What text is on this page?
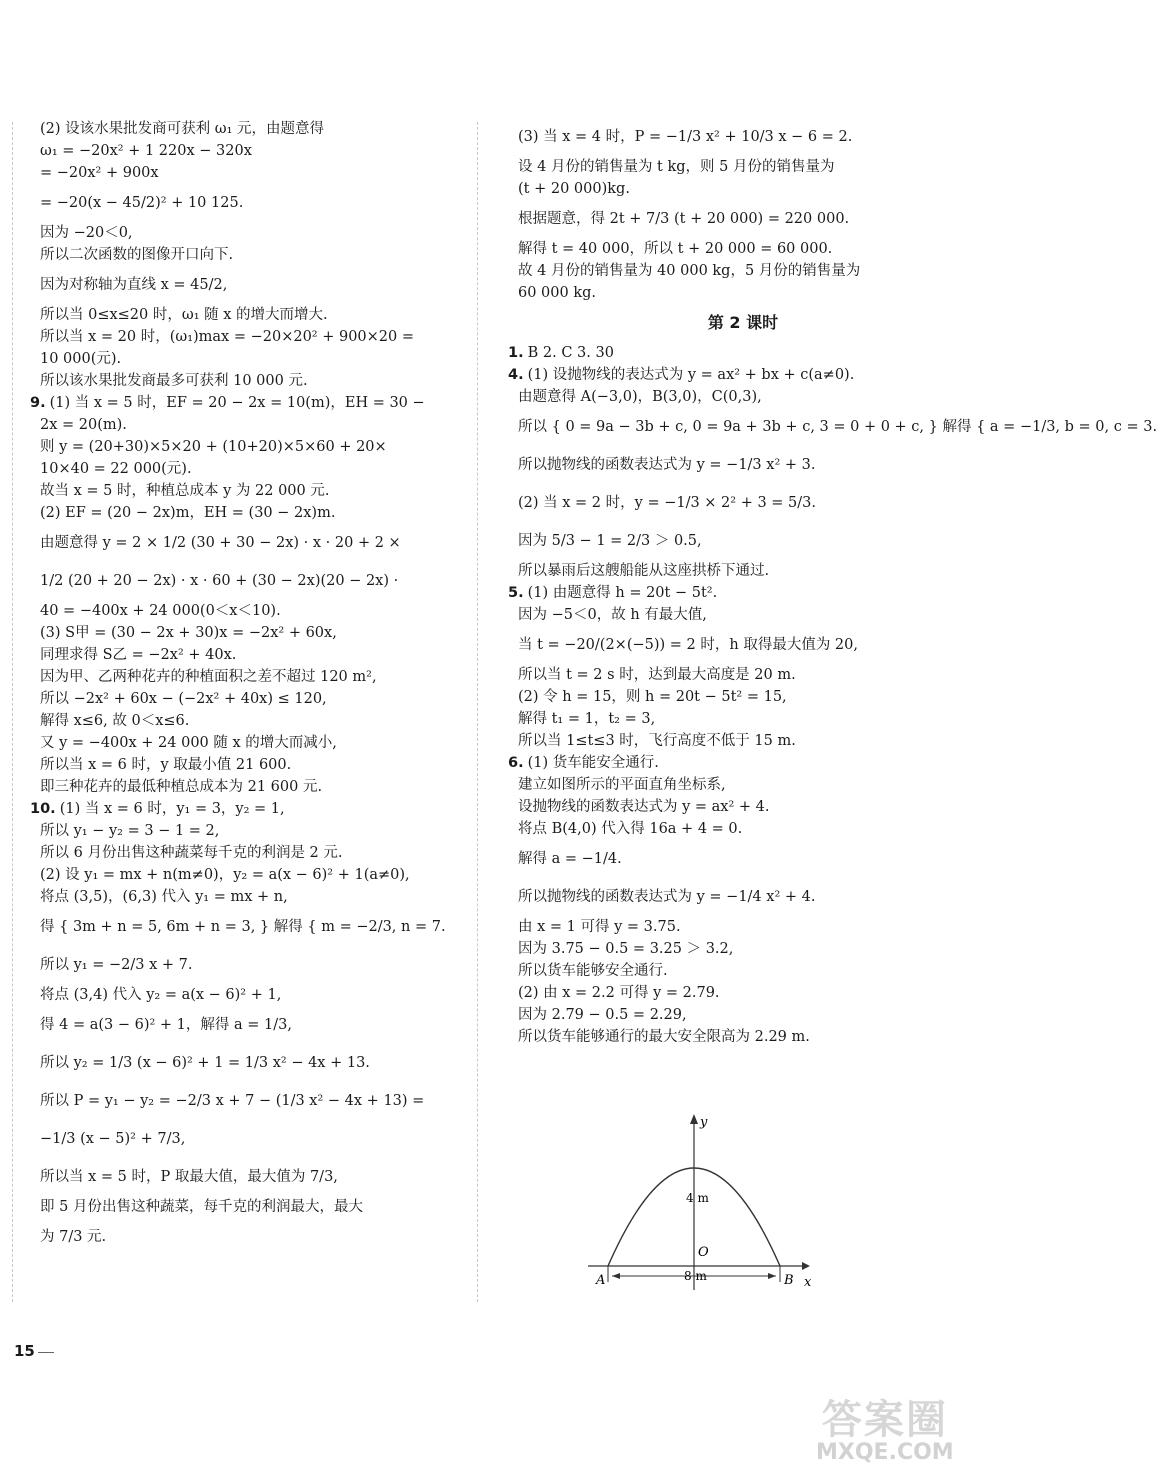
(2) 设该水果批发商可获利 ω₁ 元，由题意得
ω₁ = −20x² + 1 220x − 320x
= −20x² + 900x
= −20(x − 45/2)² + 10 125.
因为 −20＜0,
所以二次函数的图像开口向下.
因为对称轴为直线 x = 45/2,
所以当 0≤x≤20 时，ω₁ 随 x 的增大而增大.
所以当 x = 20 时，(ω₁)max = −20×20² + 900×20 =
10 000(元).
所以该水果批发商最多可获利 10 000 元.
9. (1) 当 x = 5 时，EF = 20 − 2x = 10(m)，EH = 30 −
2x = 20(m).
则 y = (20+30)×5×20 + (10+20)×5×60 + 20×
10×40 = 22 000(元).
故当 x = 5 时，种植总成本 y 为 22 000 元.
(2) EF = (20 − 2x)m，EH = (30 − 2x)m.
由题意得 y = 2 × 1/2 (30 + 30 − 2x) · x · 20 + 2 ×
1/2 (20 + 20 − 2x) · x · 60 + (30 − 2x)(20 − 2x) ·
40 = −400x + 24 000(0＜x＜10).
(3) S甲 = (30 − 2x + 30)x = −2x² + 60x,
同理求得 S乙 = −2x² + 40x.
因为甲、乙两种花卉的种植面积之差不超过 120 m²,
所以 −2x² + 60x − (−2x² + 40x) ≤ 120,
解得 x≤6, 故 0＜x≤6.
又 y = −400x + 24 000 随 x 的增大而减小,
所以当 x = 6 时，y 取最小值 21 600.
即三种花卉的最低种植总成本为 21 600 元.
10. (1) 当 x = 6 时，y₁ = 3，y₂ = 1,
所以 y₁ − y₂ = 3 − 1 = 2,
所以 6 月份出售这种蔬菜每千克的利润是 2 元.
(2) 设 y₁ = mx + n(m≠0)，y₂ = a(x − 6)² + 1(a≠0),
将点 (3,5)，(6,3) 代入 y₁ = mx + n,
得 { 3m + n = 5, 6m + n = 3, } 解得 { m = −2/3, n = 7.
所以 y₁ = −2/3 x + 7.
将点 (3,4) 代入 y₂ = a(x − 6)² + 1,
得 4 = a(3 − 6)² + 1，解得 a = 1/3,
所以 y₂ = 1/3 (x − 6)² + 1 = 1/3 x² − 4x + 13.
所以 P = y₁ − y₂ = −2/3 x + 7 − (1/3 x² − 4x + 13) =
−1/3 (x − 5)² + 7/3,
所以当 x = 5 时，P 取最大值，最大值为 7/3,
即 5 月份出售这种蔬菜，每千克的利润最大，最大
为 7/3 元.
(3) 当 x = 4 时，P = −1/3 x² + 10/3 x − 6 = 2.
设 4 月份的销售量为 t kg，则 5 月份的销售量为
(t + 20 000)kg.
根据题意，得 2t + 7/3 (t + 20 000) = 220 000.
解得 t = 40 000，所以 t + 20 000 = 60 000.
故 4 月份的销售量为 40 000 kg，5 月份的销售量为
60 000 kg.
第 2 课时
1. B 2. C 3. 30
4. (1) 设抛物线的表达式为 y = ax² + bx + c(a≠0).
由题意得 A(−3,0)，B(3,0)，C(0,3),
所以 { 0 = 9a − 3b + c, 0 = 9a + 3b + c, 3 = 0 + 0 + c, } 解得 { a = −1/3, b = 0, c = 3.
所以抛物线的函数表达式为 y = −1/3 x² + 3.
(2) 当 x = 2 时，y = −1/3 × 2² + 3 = 5/3.
因为 5/3 − 1 = 2/3 ＞ 0.5,
所以暴雨后这艘船能从这座拱桥下通过.
5. (1) 由题意得 h = 20t − 5t².
因为 −5＜0，故 h 有最大值,
当 t = −20/(2×(−5)) = 2 时，h 取得最大值为 20,
所以当 t = 2 s 时，达到最大高度是 20 m.
(2) 令 h = 15，则 h = 20t − 5t² = 15,
解得 t₁ = 1，t₂ = 3,
所以当 1≤t≤3 时，飞行高度不低于 15 m.
6. (1) 货车能安全通行.
建立如图所示的平面直角坐标系,
设抛物线的函数表达式为 y = ax² + 4.
将点 B(4,0) 代入得 16a + 4 = 0.
解得 a = −1/4.
所以抛物线的函数表达式为 y = −1/4 x² + 4.
由 x = 1 可得 y = 3.75.
因为 3.75 − 0.5 = 3.25 ＞ 3.2,
所以货车能够安全通行.
(2) 由 x = 2.2 可得 y = 2.79.
因为 2.79 − 0.5 = 2.29,
所以货车能够通行的最大安全限高为 2.29 m.
y
x
O
A	B
4 m
8 m
15
答案圈
MXQE.COM
